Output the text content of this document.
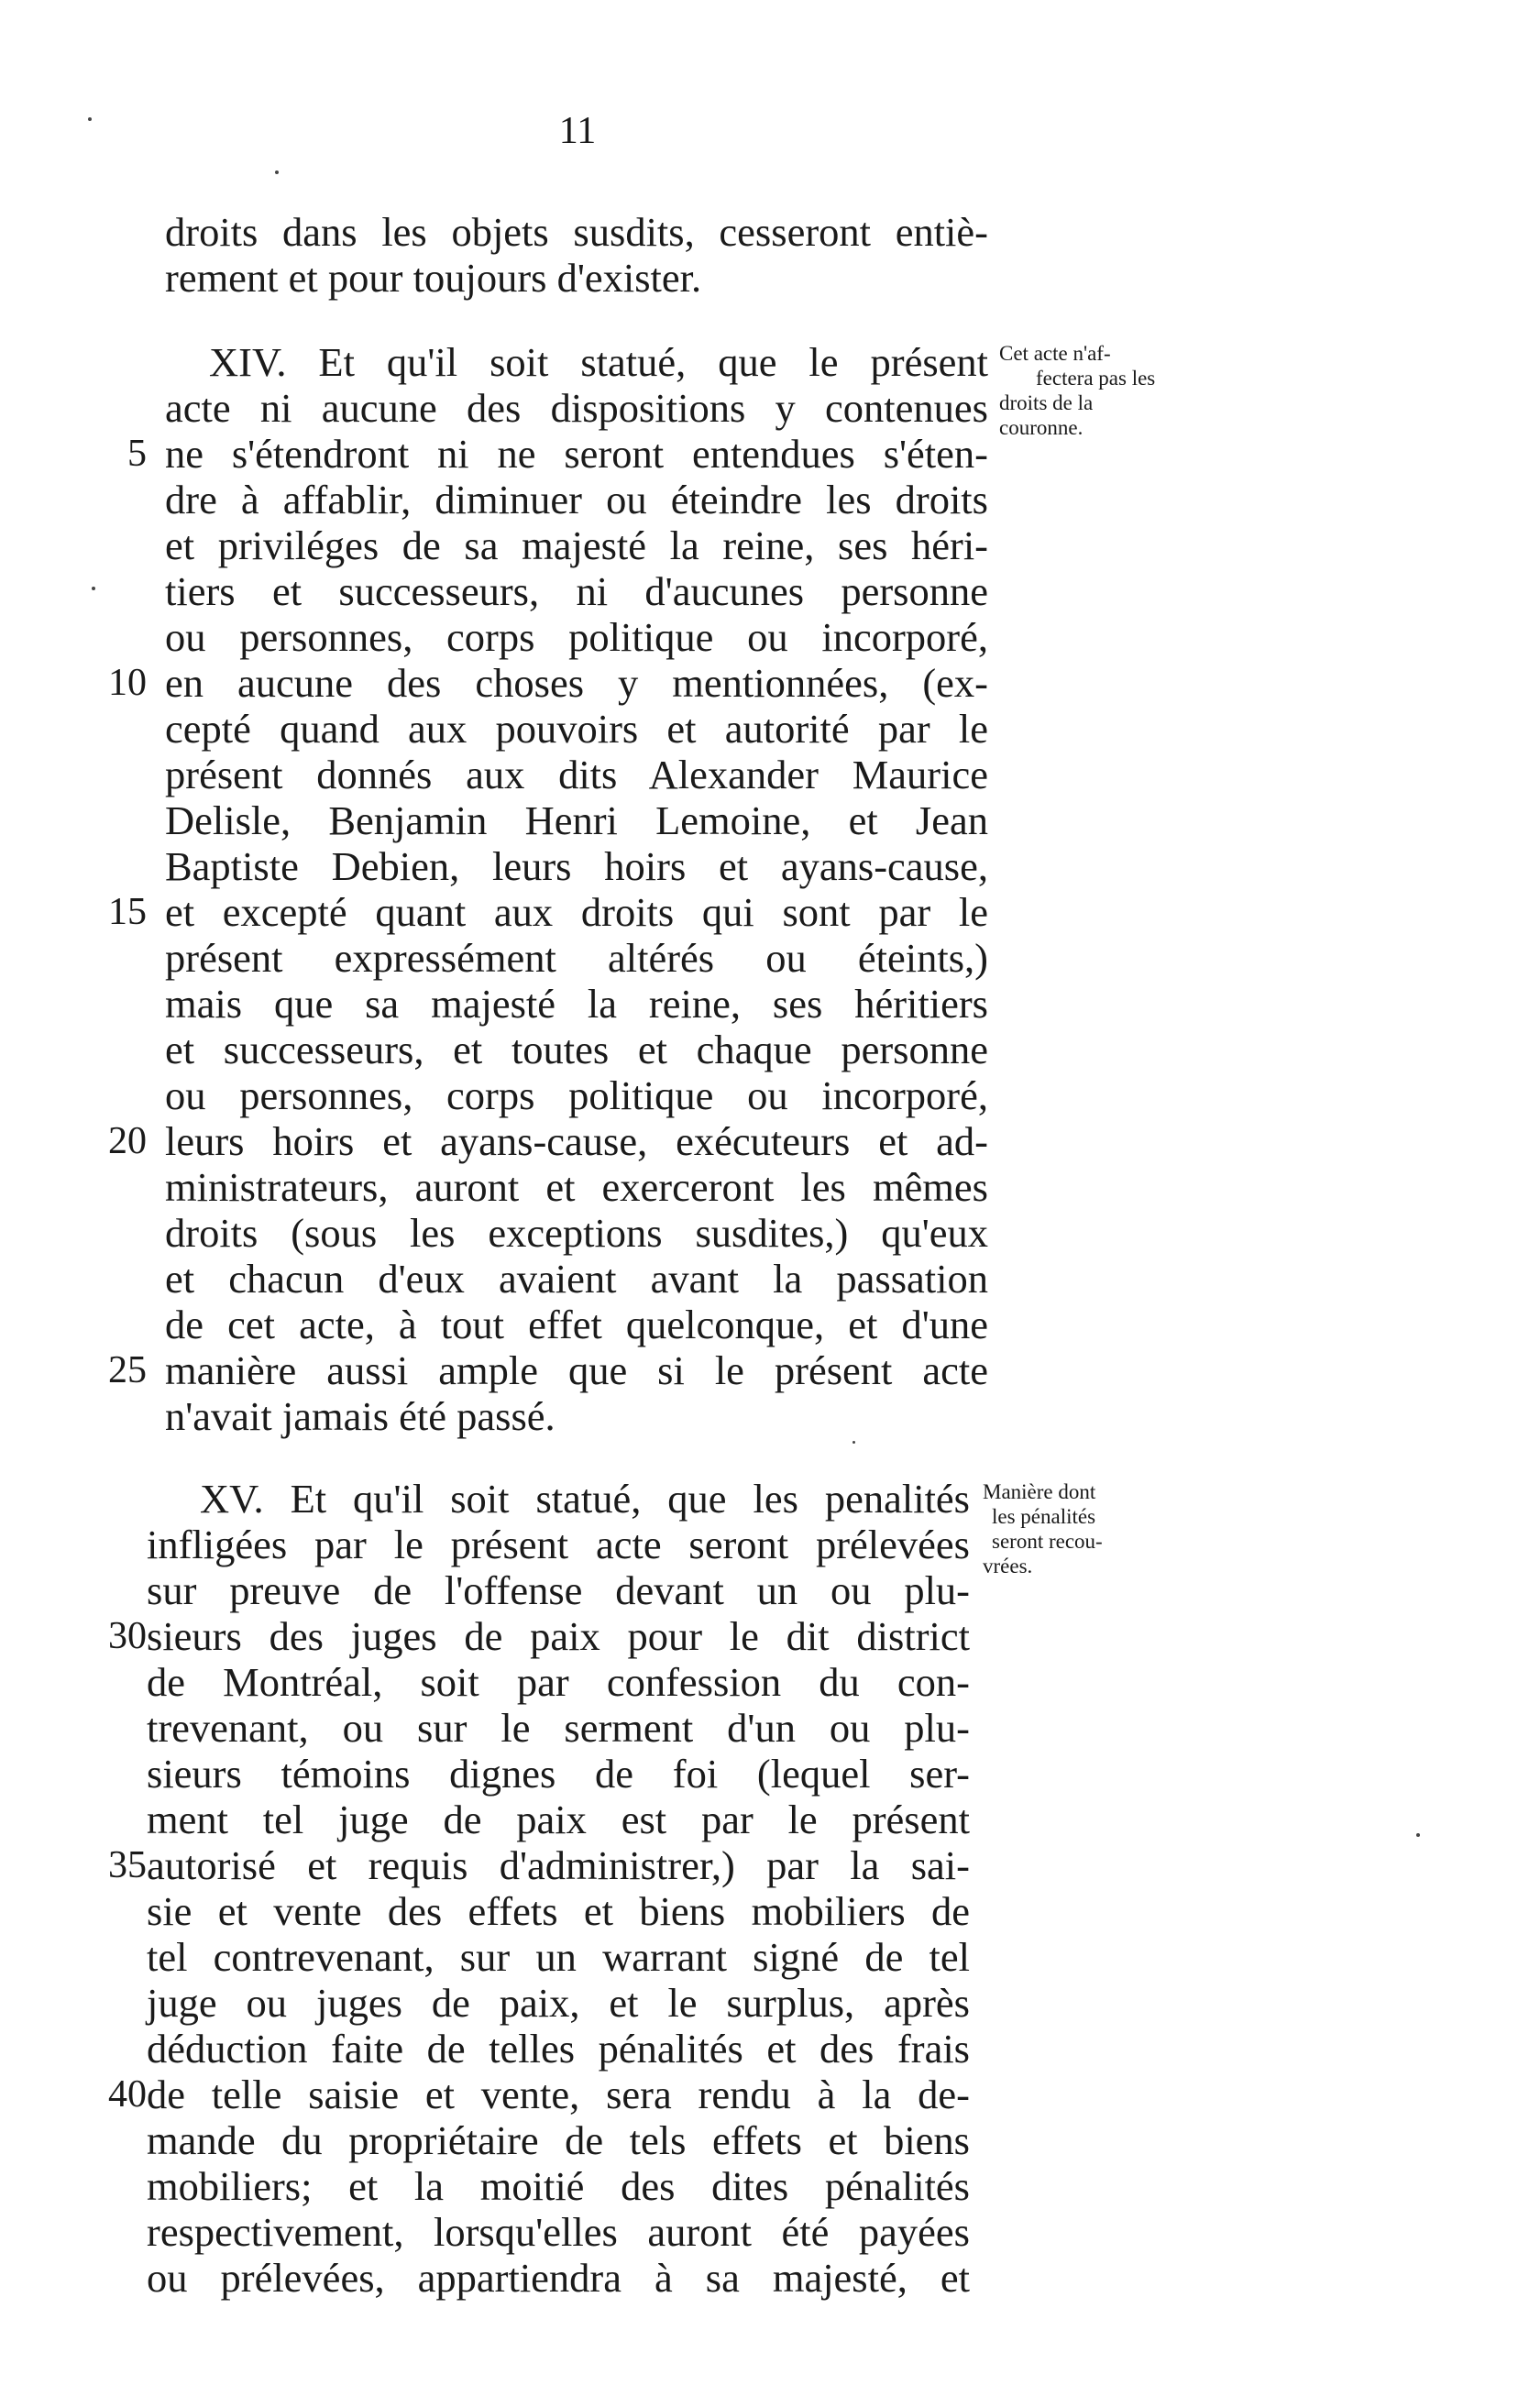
11
droits dans les objets susdits, cesseront entiè-
rement et pour toujours d'exister.
XIV. Et qu'il soit statué, que le présent
acte ni aucune des dispositions y contenues
ne s'étendront ni ne seront entendues s'éten-
dre à affablir, diminuer ou éteindre les droits
et priviléges de sa majesté la reine, ses héri-
tiers et successeurs, ni d'aucunes personne
ou personnes, corps politique ou incorporé,
en aucune des choses y mentionnées, (ex-
cepté quand aux pouvoirs et autorité par le
présent donnés aux dits Alexander Maurice
Delisle, Benjamin Henri Lemoine, et Jean
Baptiste Debien, leurs hoirs et ayans-cause,
et excepté quant aux droits qui sont par le
présent expressément altérés ou éteints,)
mais que sa majesté la reine, ses héritiers
et successeurs, et toutes et chaque personne
ou personnes, corps politique ou incorporé,
leurs hoirs et ayans-cause, exécuteurs et ad-
ministrateurs, auront et exerceront les mêmes
droits (sous les exceptions susdites,) qu'eux
et chacun d'eux avaient avant la passation
de cet acte, à tout effet quelconque, et d'une
manière aussi ample que si le présent acte
n'avait jamais été passé.
5
10
15
20
25
Cet acte n'af-
fectera pas les
droits de la
couronne.
XV. Et qu'il soit statué, que les penalités
infligées par le présent acte seront prélevées
sur preuve de l'offense devant un ou plu-
sieurs des juges de paix pour le dit district
de Montréal, soit par confession du con-
trevenant, ou sur le serment d'un ou plu-
sieurs témoins dignes de foi (lequel ser-
ment tel juge de paix est par le présent
autorisé et requis d'administrer,) par la sai-
sie et vente des effets et biens mobiliers de
tel contrevenant, sur un warrant signé de tel
juge ou juges de paix, et le surplus, après
déduction faite de telles pénalités et des frais
de telle saisie et vente, sera rendu à la de-
mande du propriétaire de tels effets et biens
mobiliers; et la moitié des dites pénalités
respectivement, lorsqu'elles auront été payées
ou prélevées, appartiendra à sa majesté, et
30
35
40
Manière dont
les pénalités
seront recou-
vrées.
